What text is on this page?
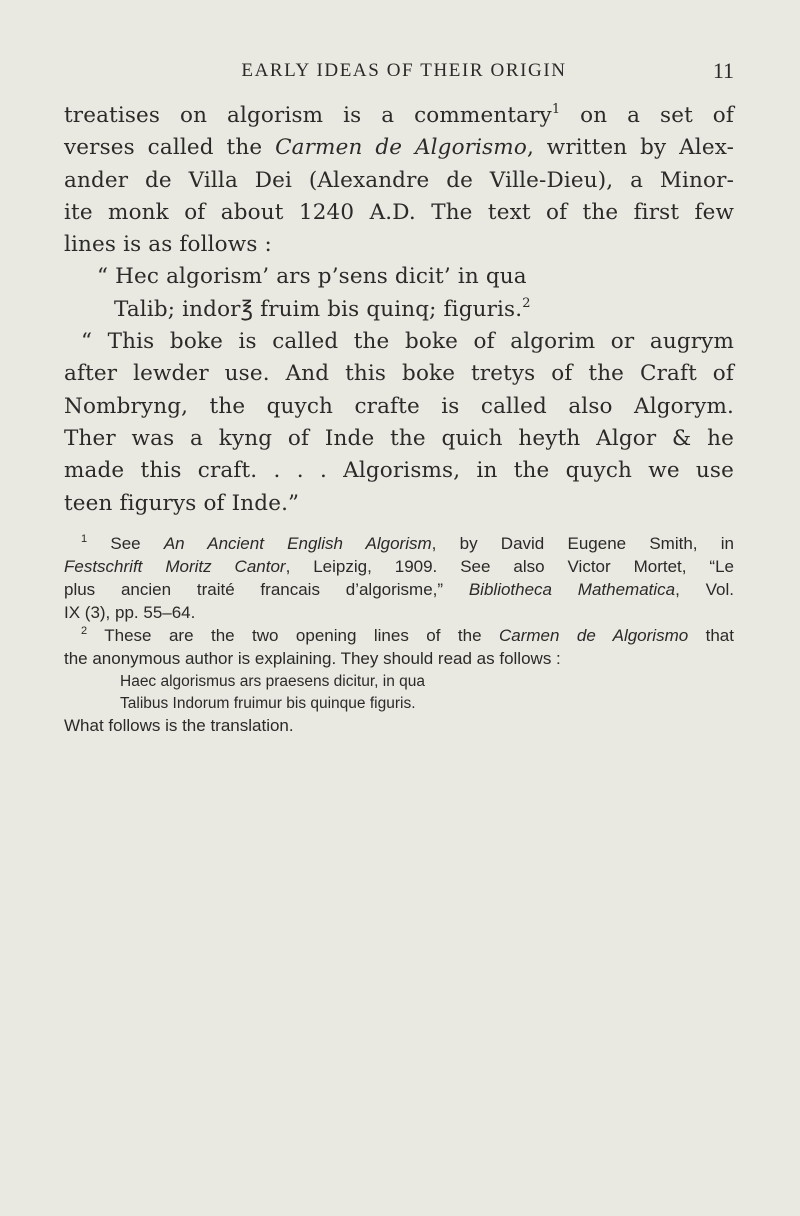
EARLY IDEAS OF THEIR ORIGIN	11
treatises on algorism is a commentary$^1$ on a set of
verses called the Carmen de Algorismo, written by Alex-
ander de Villa Dei (Alexandre de Ville-Dieu), a Minor-
ite monk of about 1240 A.D. The text of the first few
lines is as follows :
“ Hec algorism’ ars p’sens dicit’ in qua
Talib; indor℥ fruim bis quinq; figuris.$^2$
“ This boke is called the boke of algorim or augrym
after lewder use. And this boke tretys of the Craft of
Nombryng, the quych crafte is called also Algorym.
Ther was a kyng of Inde the quich heyth Algor & he
made this craft. . . . Algorisms, in the quych we use
teen figurys of Inde.”
$^1$ See An Ancient English Algorism, by David Eugene Smith, in
Festschrift Moritz Cantor, Leipzig, 1909. See also Victor Mortet, “Le
plus ancien traité francais d’algorisme,” Bibliotheca Mathematica, Vol.
IX (3), pp. 55–64.
$^2$ These are the two opening lines of the Carmen de Algorismo that
the anonymous author is explaining. They should read as follows :
Haec algorismus ars praesens dicitur, in qua
Talibus Indorum fruimur bis quinque figuris.
What follows is the translation.
